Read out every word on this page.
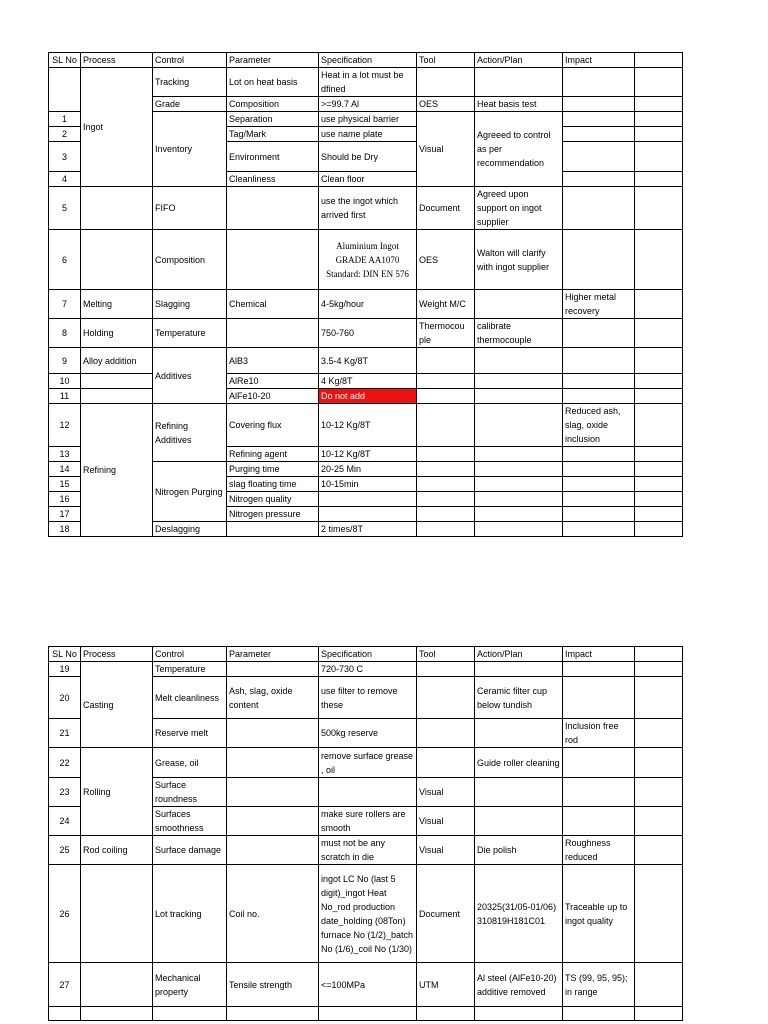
SL No	Process	Control	Parameter	Specification	Tool	Action/Plan	Impact	
	Ingot	Tracking	Lot on heat basis	Heat in a lot must be dfined				
		Grade	Composition	>=99.7 Al	OES	Heat basis test		
1		Inventory	Separation	use physical barrier	Visual	Agreeed to control as per recommendation		
2			Tag/Mark	use name plate				
3			Environment	Should be Dry				
4			Cleanliness	Clean floor				
5		FIFO		use the ingot which arrived first	Document	Agreed upon support on ingot supplier		
6		Composition		Aluminium Ingot GRADE AA1070 Standard: DIN EN 576	OES	Walton will clarify with ingot supplier		
7	Melting	Slagging	Chemical	4-5kg/hour	Weight M/C		Higher metal recovery	
8	Holding	Temperature		750-760	Thermocou ple	calibrate thermocouple		
9	Alloy addition	Additives	AlB3	3.5-4 Kg/8T				
10			AlRe10	4 Kg/8T				
11			AlFe10-20	Do not add				
12	Refining	Refining Additives	Covering flux	10-12 Kg/8T			Reduced ash, slag, oxide inclusion	
13			Refining agent	10-12 Kg/8T				
14		Nitrogen Purging	Purging time	20-25 Min				
15			slag floating time	10-15min				
16			Nitrogen quality					
17			Nitrogen pressure					
18		Deslagging		2 times/8T				
SL No	Process	Control	Parameter	Specification	Tool	Action/Plan	Impact	
19	Casting	Temperature		720-730 C				
20		Melt cleanliness	Ash, slag, oxide content	use filter to remove these		Ceramic filter cup below tundish		
21		Reserve melt		500kg reserve			Inclusion free rod	
22	Rolling	Grease, oil		remove surface grease , oil		Guide roller cleaning		
23		Surface roundness			Visual			
24		Surfaces smoothness		make sure rollers are smooth	Visual			
25	Rod coiling	Surface damage		must not be any scratch in die	Visual	Die polish	Roughness reduced	
26		Lot tracking	Coil no.	ingot LC No (last 5 digit)_ingot Heat No_rod production date_holding (08Ton) furnace No (1/2)_batch No (1/6)_coil No (1/30)	Document	20325(31/05-01/06)310819H181C01	Traceable up to ingot quality	
27		Mechanical property	Tensile strength	<=100MPa	UTM	Al steel (AlFe10-20) additive removed	TS (99, 95, 95); in range	
